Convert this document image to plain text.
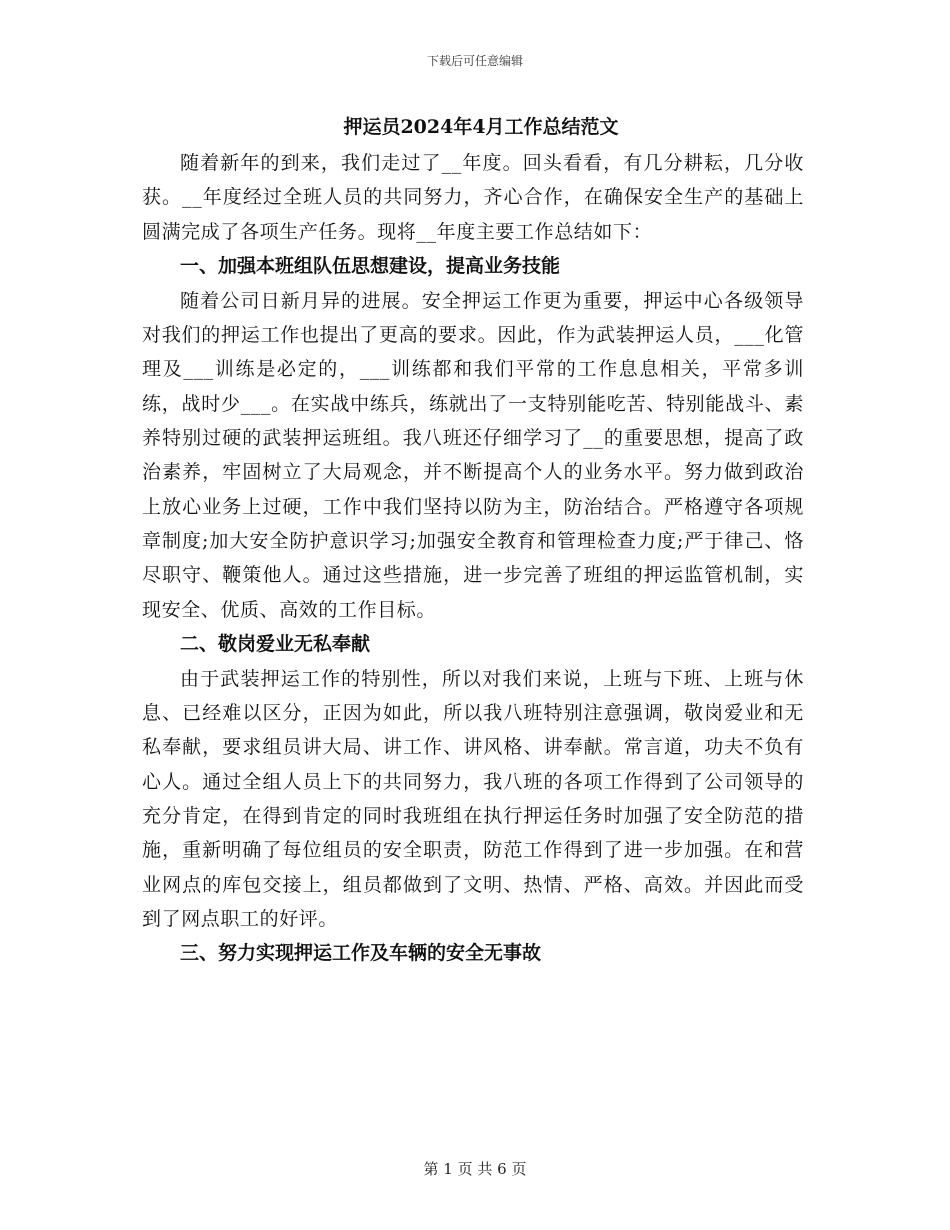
下载后可任意编辑

押运员2024年4月工作总结范文

随着新年的到来，我们走过了__年度。回头看看，有几分耕耘，几分收获。__年度经过全班人员的共同努力，齐心合作，在确保安全生产的基础上圆满完成了各项生产任务。现将__年度主要工作总结如下：

一、加强本班组队伍思想建设，提高业务技能

随着公司日新月异的进展。安全押运工作更为重要，押运中心各级领导对我们的押运工作也提出了更高的要求。因此，作为武装押运人员，___化管理及___训练是必定的，___训练都和我们平常的工作息息相关，平常多训练，战时少___。在实战中练兵，练就出了一支特别能吃苦、特别能战斗、素养特别过硬的武装押运班组。我八班还仔细学习了__的重要思想，提高了政治素养，牢固树立了大局观念，并不断提高个人的业务水平。努力做到政治上放心业务上过硬，工作中我们坚持以防为主，防治结合。严格遵守各项规章制度;加大安全防护意识学习;加强安全教育和管理检查力度;严于律己、恪尽职守、鞭策他人。通过这些措施，进一步完善了班组的押运监管机制，实现安全、优质、高效的工作目标。

二、敬岗爱业无私奉献

由于武装押运工作的特别性，所以对我们来说，上班与下班、上班与休息、已经难以区分，正因为如此，所以我八班特别注意强调，敬岗爱业和无私奉献，要求组员讲大局、讲工作、讲风格、讲奉献。常言道，功夫不负有心人。通过全组人员上下的共同努力，我八班的各项工作得到了公司领导的充分肯定，在得到肯定的同时我班组在执行押运任务时加强了安全防范的措施，重新明确了每位组员的安全职责，防范工作得到了进一步加强。在和营业网点的库包交接上，组员都做到了文明、热情、严格、高效。并因此而受到了网点职工的好评。

三、努力实现押运工作及车辆的安全无事故

第 1 页 共 6 页
